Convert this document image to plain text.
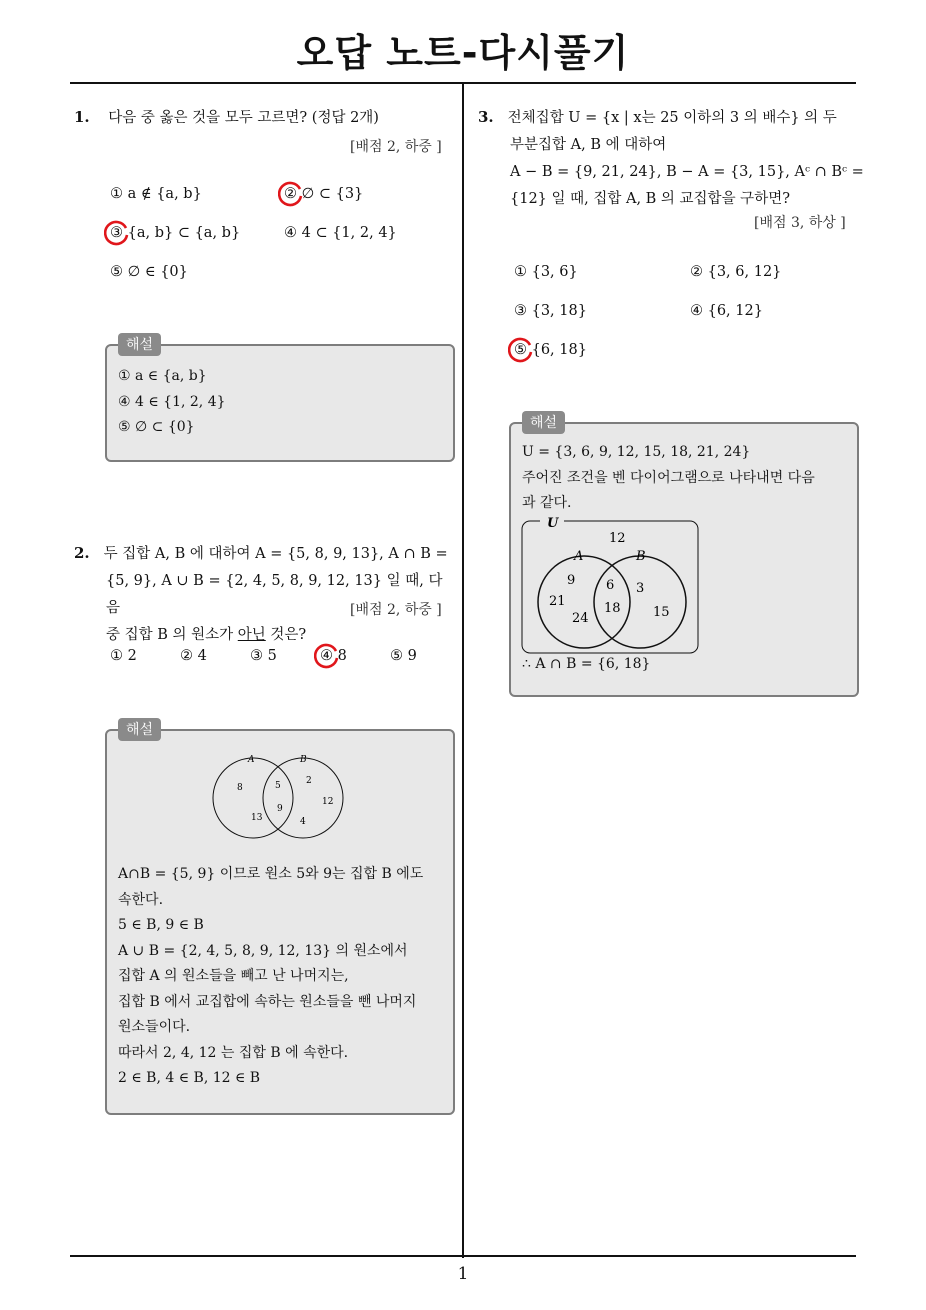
오답 노트-다시풀기
1
1. 다음 중 옳은 것을 모두 고르면? (정답 2개)
[배점 2, 하중 ]
① a ∉ {a, b}	② ∅ ⊂ {3}
③ {a, b} ⊂ {a, b}	④ 4 ⊂ {1, 2, 4}
⑤ ∅ ∈ {0}
해설
① a ∈ {a, b}
④ 4 ∈ {1, 2, 4}
⑤ ∅ ⊂ {0}
2. 두 집합 A, B 에 대하여 A = {5, 8, 9, 13}, A ∩ B =
{5, 9}, A ∪ B = {2, 4, 5, 8, 9, 12, 13} 일 때, 다음
중 집합 B 의 원소가 아닌 것은?
[배점 2, 하중 ]
① 2	② 4	③ 5	④ 8	⑤ 9
해설
A	B
8
13
5
9
2
12
4
A∩B = {5, 9} 이므로 원소 5와 9는 집합 B 에도
속한다.
5 ∈ B, 9 ∈ B
A ∪ B = {2, 4, 5, 8, 9, 12, 13} 의 원소에서
집합 A 의 원소들을 빼고 난 나머지는,
집합 B 에서 교집합에 속하는 원소들을 뺀 나머지
원소들이다.
따라서 2, 4, 12 는 집합 B 에 속한다.
2 ∈ B, 4 ∈ B, 12 ∈ B
3. 전체집합 U = {x | x는 25 이하의 3 의 배수} 의 두
부분집합 A, B 에 대하여
A − B = {9, 21, 24}, B − A = {3, 15}, Aᶜ ∩ Bᶜ =
{12} 일 때, 집합 A, B 의 교집합을 구하면?
[배점 3, 하상 ]
① {3, 6}	② {3, 6, 12}
③ {3, 18}	④ {6, 12}
⑤ {6, 18}
해설
U = {3, 6, 9, 12, 15, 18, 21, 24}
주어진 조건을 벤 다이어그램으로 나타내면 다음
과 같다.
U
A	B
12
9
21
24
6
18
3
15
∴ A ∩ B = {6, 18}
